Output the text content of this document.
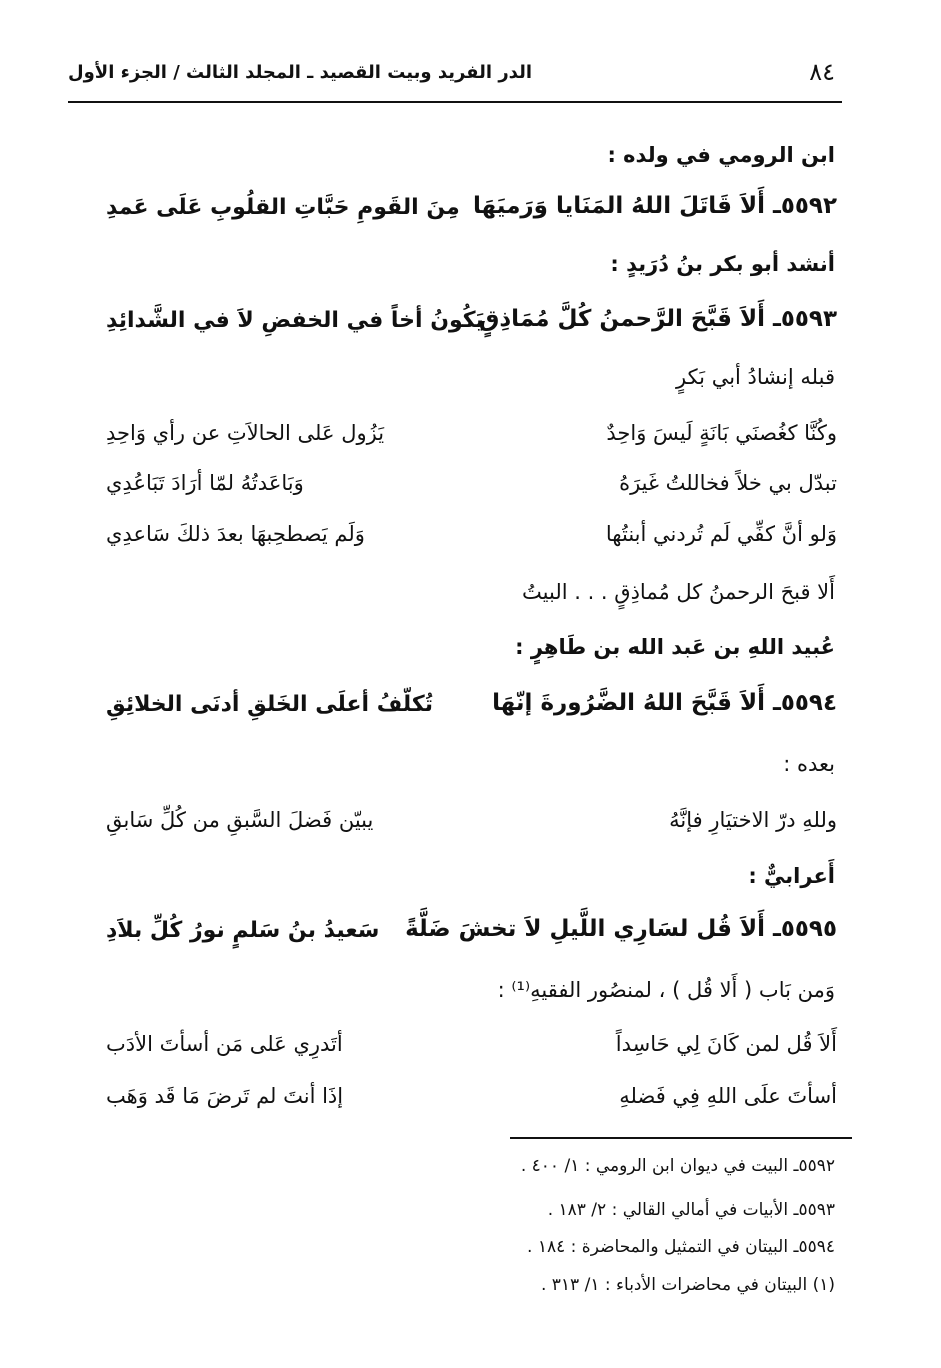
٨٤
الدر الفريد وبيت القصيد ـ المجلد الثالث / الجزء الأول
ابن الرومي في ولده :
٥٥٩٢ـ أَلاَ قَاتَلَ اللهُ المَنَايا وَرَميَهَا
مِنَ القَومِ حَبَّاتِ القلُوبِ عَلَى عَمدِ
أنشد أبو بكر بنُ دُرَيدٍ :
٥٥٩٣ـ أَلاَ قَبَّحَ الرَّحمنُ كُلَّ مُمَاذِقٍ
يَكُونُ أخاً في الخفضِ لاَ في الشَّدائِدِ
قبله إنشادُ أبي بَكرٍ
وكُنَّا كغُصنَي بَانَةٍ لَيسَ وَاحِدٌ
يَزُول عَلى الحالاَتِ عن رأي وَاحِدِ
تبدّل بي خلاً فخاللتُ غَيرَهُ
وَبَاعَدتُهُ لمّا أرَادَ تَبَاعُدِي
وَلو أنَّ كفِّي لَم تُردني أبنتُها
وَلَم يَصطحِبهَا بعدَ ذلكَ سَاعدِي
أَلا قبحَ الرحمنُ كل مُماذِقٍ . . . البيتُ
عُبيد اللهِ بن عَبد الله بن طَاهِرٍ :
٥٥٩٤ـ أَلاَ قَبَّحَ اللهُ الضَّرُورةَ إنّهَا
تُكلّفُ أعلَى الخَلقِ أدنَى الخلائِقِ
بعده :
وللهِ درّ الاختيَارِ فإنَّهُ
يبيّن فَضلَ السَّبقِ من كُلِّ سَابقِ
أَعرابيٌّ :
٥٥٩٥ـ أَلاَ قُل لسَارِي اللَّيلِ لاَ تخشَ ضَلَّةً
سَعيدُ بنُ سَلمٍ نورُ كُلِّ بلاَدِ
وَمن بَاب ( أَلا قُل ) ، لمنصُور الفقيهِ⁽¹⁾ :
أَلاَ قُل لمن كَانَ لِي حَاسِداً
أتَدرِي عَلى مَن أسأتَ الأدَب
أسأتَ علَى اللهِ فِي فَضلهِ
إذَا أنتَ لم تَرضَ مَا قَد وَهَب
٥٥٩٢ـ البيت في ديوان ابن الرومي : ١/ ٤٠٠ .
٥٥٩٣ـ الأبيات في أمالي القالي : ٢/ ١٨٣ .
٥٥٩٤ـ البيتان في التمثيل والمحاضرة : ١٨٤ .
(١) البيتان في محاضرات الأدباء : ١/ ٣١٣ .
